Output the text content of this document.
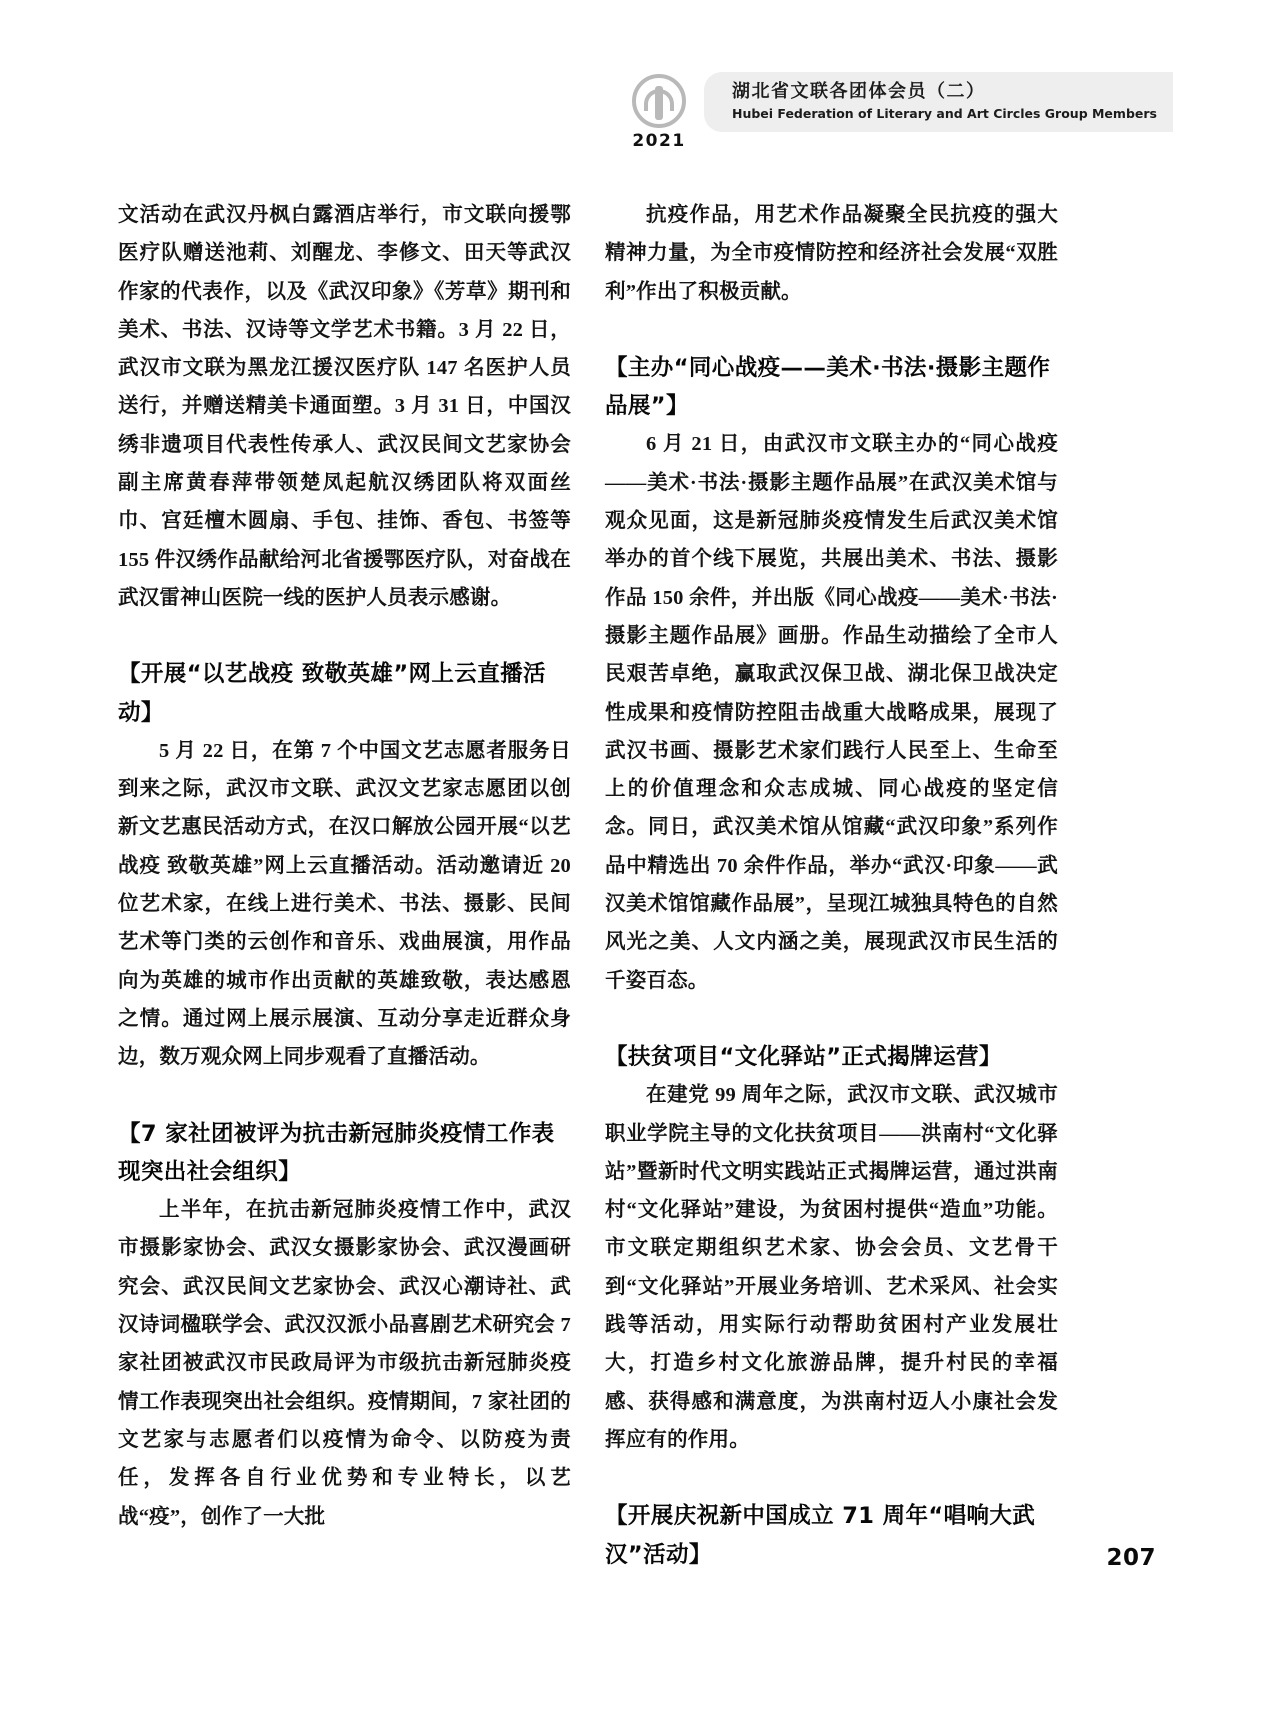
2021
湖北省文联各团体会员（二）
Hubei Federation of Literary and Art Circles Group Members

文活动在武汉丹枫白露酒店举行，市文联向援鄂医疗队赠送池莉、刘醒龙、李修文、田天等武汉作家的代表作，以及《武汉印象》《芳草》期刊和美术、书法、汉诗等文学艺术书籍。3 月 22 日，武汉市文联为黑龙江援汉医疗队 147 名医护人员送行，并赠送精美卡通面塑。3 月 31 日，中国汉绣非遗项目代表性传承人、武汉民间文艺家协会副主席黄春萍带领楚凤起航汉绣团队将双面丝巾、宫廷檀木圆扇、手包、挂饰、香包、书签等 155 件汉绣作品献给河北省援鄂医疗队，对奋战在武汉雷神山医院一线的医护人员表示感谢。

【开展“以艺战疫 致敬英雄”网上云直播活动】

5 月 22 日，在第 7 个中国文艺志愿者服务日到来之际，武汉市文联、武汉文艺家志愿团以创新文艺惠民活动方式，在汉口解放公园开展“以艺战疫 致敬英雄”网上云直播活动。活动邀请近 20 位艺术家，在线上进行美术、书法、摄影、民间艺术等门类的云创作和音乐、戏曲展演，用作品向为英雄的城市作出贡献的英雄致敬，表达感恩之情。通过网上展示展演、互动分享走近群众身边，数万观众网上同步观看了直播活动。

【7 家社团被评为抗击新冠肺炎疫情工作表现突出社会组织】

上半年，在抗击新冠肺炎疫情工作中，武汉市摄影家协会、武汉女摄影家协会、武汉漫画研究会、武汉民间文艺家协会、武汉心潮诗社、武汉诗词楹联学会、武汉汉派小品喜剧艺术研究会 7 家社团被武汉市民政局评为市级抗击新冠肺炎疫情工作表现突出社会组织。疫情期间，7 家社团的文艺家与志愿者们以疫情为命令、以防疫为责任，发挥各自行业优势和专业特长，以艺战“疫”，创作了一大批

抗疫作品，用艺术作品凝聚全民抗疫的强大精神力量，为全市疫情防控和经济社会发展“双胜利”作出了积极贡献。

【主办“同心战疫——美术·书法·摄影主题作品展”】

6 月 21 日，由武汉市文联主办的“同心战疫——美术·书法·摄影主题作品展”在武汉美术馆与观众见面，这是新冠肺炎疫情发生后武汉美术馆举办的首个线下展览，共展出美术、书法、摄影作品 150 余件，并出版《同心战疫——美术·书法·摄影主题作品展》画册。作品生动描绘了全市人民艰苦卓绝，赢取武汉保卫战、湖北保卫战决定性成果和疫情防控阻击战重大战略成果，展现了武汉书画、摄影艺术家们践行人民至上、生命至上的价值理念和众志成城、同心战疫的坚定信念。同日，武汉美术馆从馆藏“武汉印象”系列作品中精选出 70 余件作品，举办“武汉·印象——武汉美术馆馆藏作品展”，呈现江城独具特色的自然风光之美、人文内涵之美，展现武汉市民生活的千姿百态。

【扶贫项目“文化驿站”正式揭牌运营】

在建党 99 周年之际，武汉市文联、武汉城市职业学院主导的文化扶贫项目——洪南村“文化驿站”暨新时代文明实践站正式揭牌运营，通过洪南村“文化驿站”建设，为贫困村提供“造血”功能。市文联定期组织艺术家、协会会员、文艺骨干到“文化驿站”开展业务培训、艺术采风、社会实践等活动，用实际行动帮助贫困村产业发展壮大，打造乡村文化旅游品牌，提升村民的幸福感、获得感和满意度，为洪南村迈人小康社会发挥应有的作用。

【开展庆祝新中国成立 71 周年“唱响大武汉”活动】	207
